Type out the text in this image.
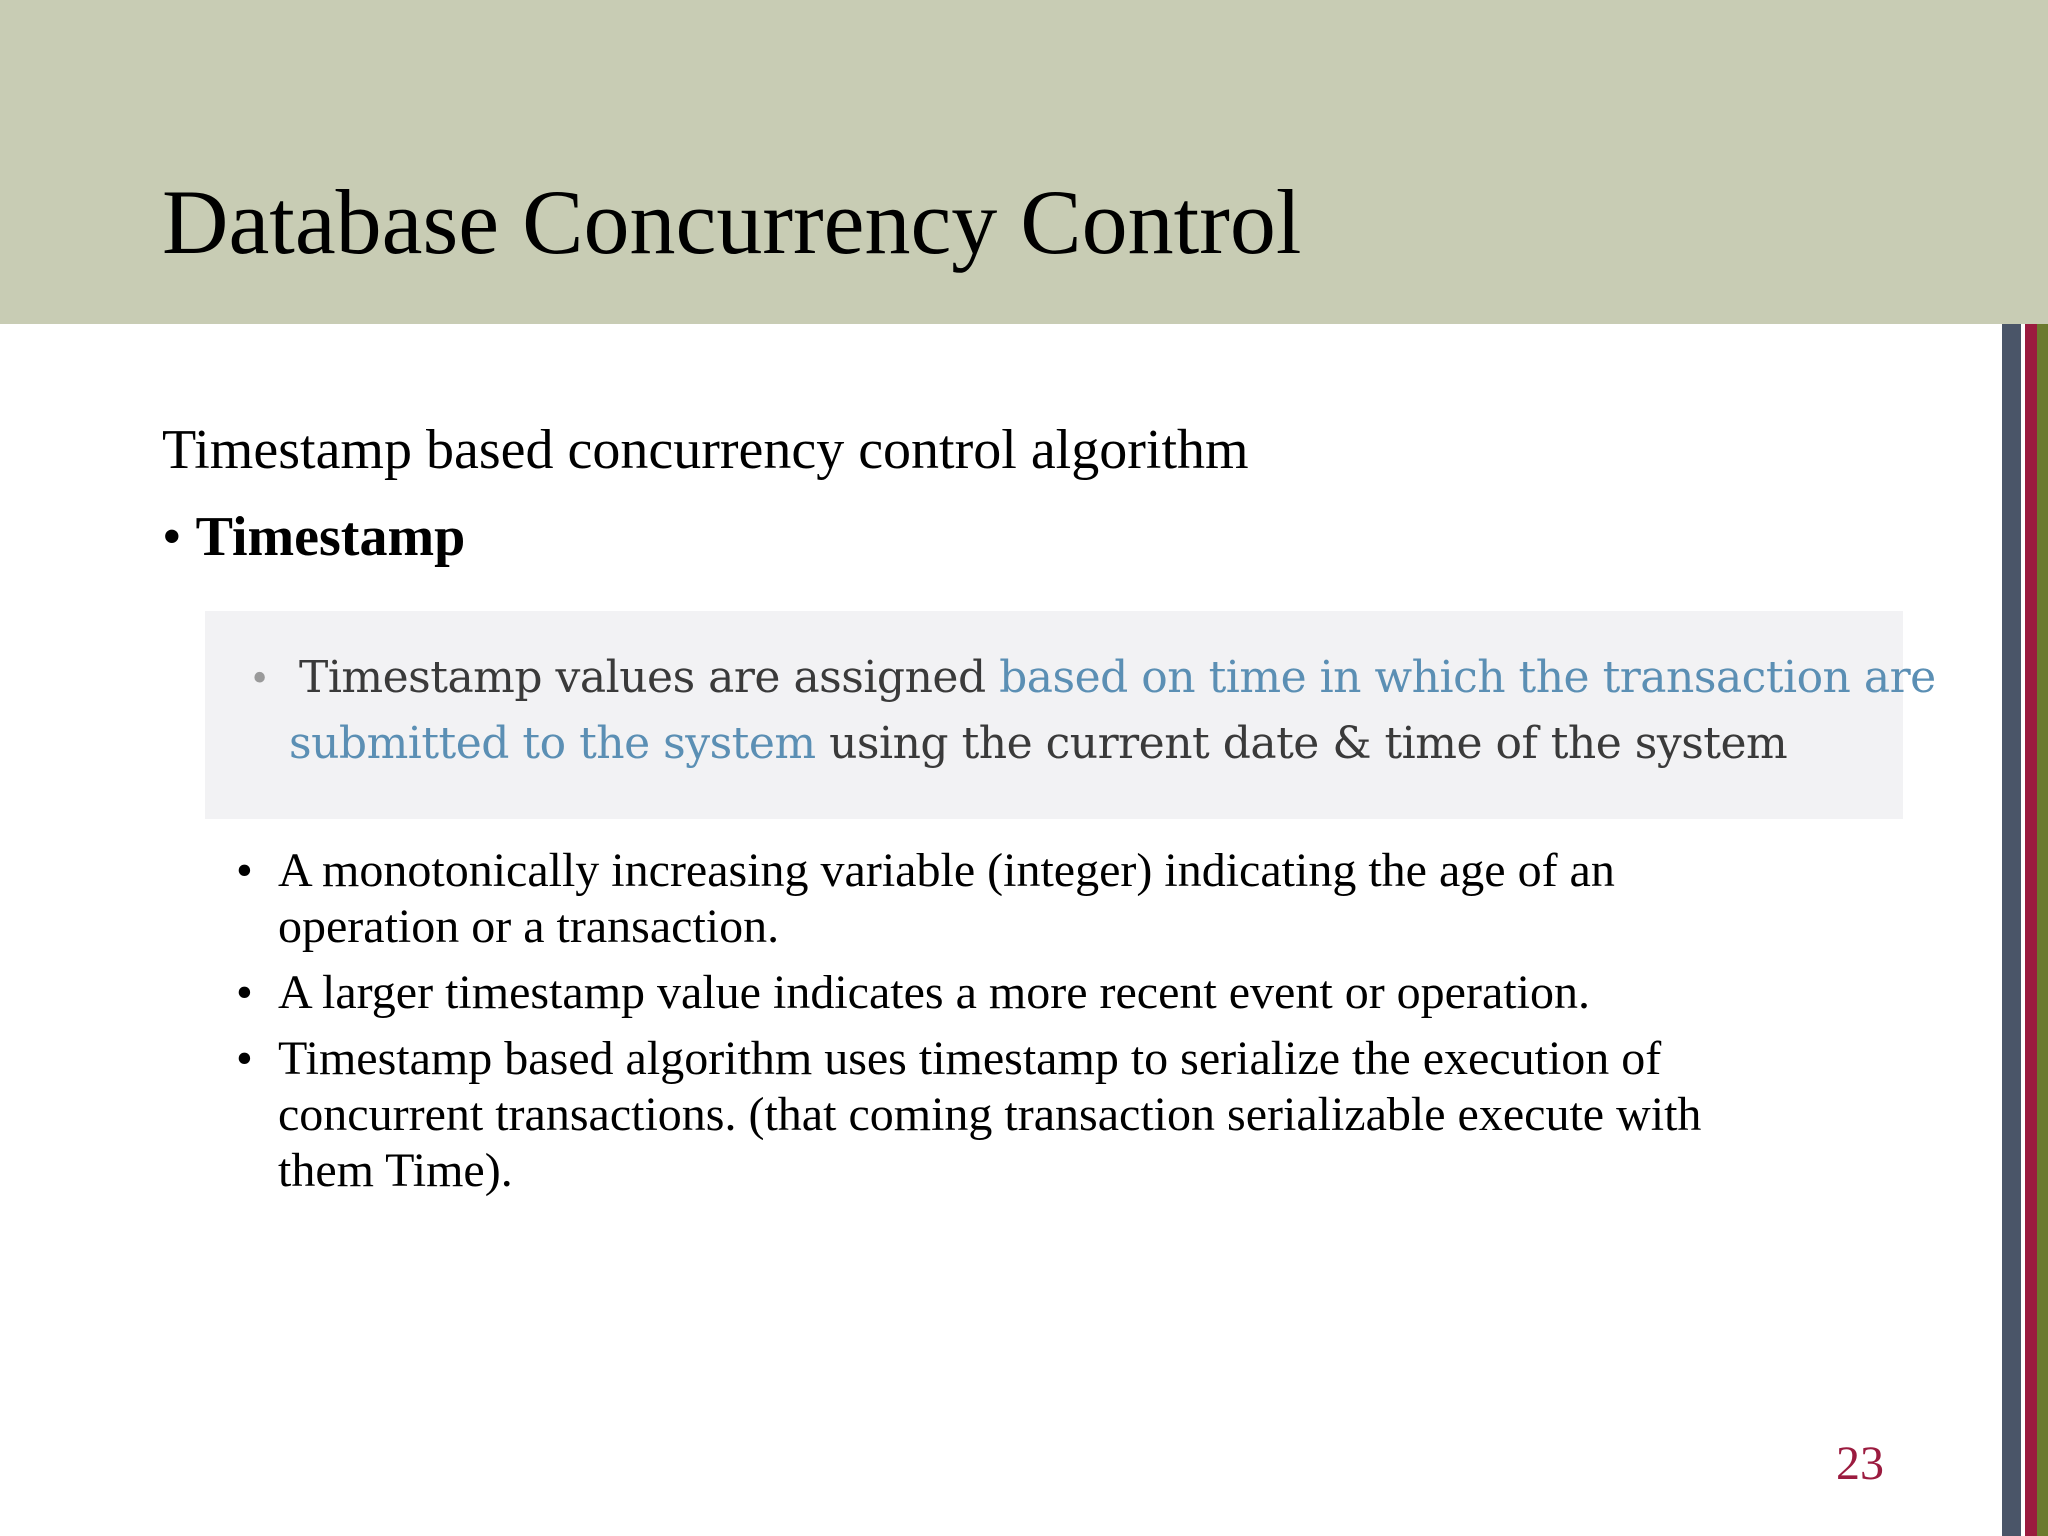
Database Concurrency Control
Timestamp based concurrency control algorithm
• Timestamp
• Timestamp values are assigned based on time in which the transaction are
submitted to the system using the current date & time of the system
• A monotonically increasing variable (integer) indicating the age of an operation or a transaction.
• A larger timestamp value indicates a more recent event or operation.
• Timestamp based algorithm uses timestamp to serialize the execution of concurrent transactions. (that coming transaction serializable execute with them Time).
23
